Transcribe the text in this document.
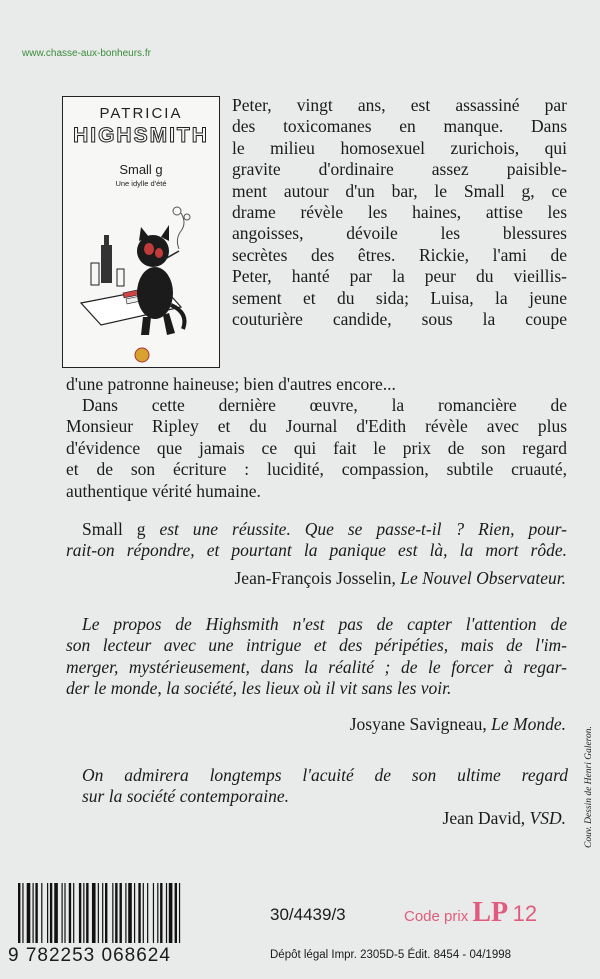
www.chasse-aux-bonheurs.fr
PATRICIA
HIGHSMITH
Small g
Une idylle d'été
Peter, vingt ans, est assassiné par
des toxicomanes en manque. Dans
le milieu homosexuel zurichois, qui
gravite d'ordinaire assez paisible-
ment autour d'un bar, le Small g, ce
drame révèle les haines, attise les
angoisses, dévoile les blessures
secrètes des êtres. Rickie, l'ami de
Peter, hanté par la peur du vieillis-
sement et du sida; Luisa, la jeune
couturière candide, sous la coupe
d'une patronne haineuse; bien d'autres encore...
Dans cette dernière œuvre, la romancière de
Monsieur Ripley et du Journal d'Edith révèle avec plus
d'évidence que jamais ce qui fait le prix de son regard
et de son écriture : lucidité, compassion, subtile cruauté,
authentique vérité humaine.
Small g est une réussite. Que se passe-t-il ? Rien, pour-
rait-on répondre, et pourtant la panique est là, la mort rôde.
Jean-François Josselin, Le Nouvel Observateur.
Le propos de Highsmith n'est pas de capter l'attention de
son lecteur avec une intrigue et des péripéties, mais de l'im-
merger, mystérieusement, dans la réalité ; de le forcer à regar-
der le monde, la société, les lieux où il vit sans les voir.
Josyane Savigneau, Le Monde.
On admirera longtemps l'acuité de son ultime regard
sur la société contemporaine.
Jean David, VSD. Couv. Dessin de Henri Galeron.
9 782253 068624
30/4439/3	Code prix LP 12
Dépôt légal Impr. 2305D-5 Édit. 8454 - 04/1998
